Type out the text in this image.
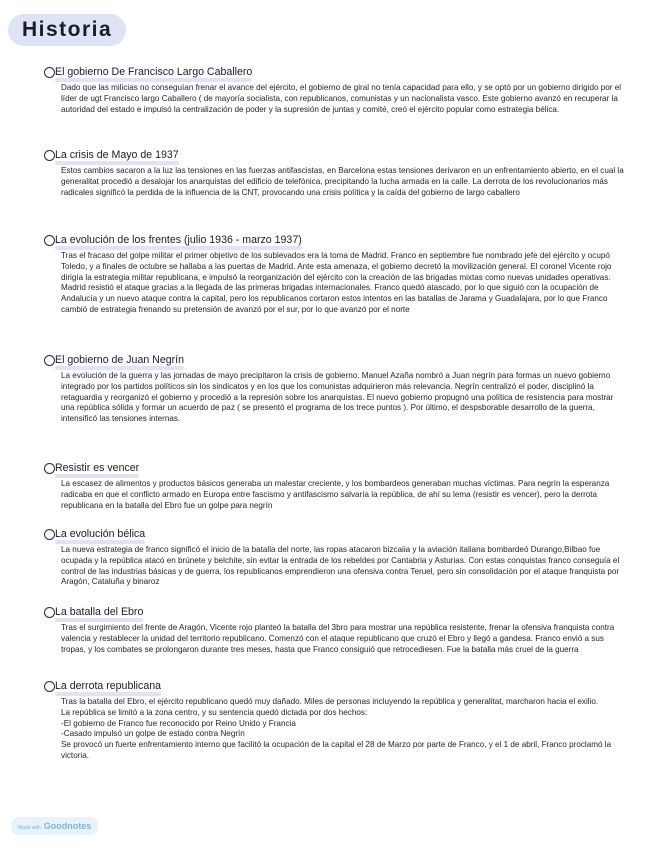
Historia
El gobierno De Francisco Largo Caballero

Dado que las milicias no conseguían frenar el avance del ejército, el gobierno de giral no tenía capacidad para ello, y se optó por un gobierno dirigido por el líder de ugt Francisco largo Caballero ( de mayoría socialista, con republicanos, comunistas y un nacionalista vasco. Este gobierno avanzó en recuperar la autoridad del estado e impulsó la centralización de poder y la supresión de juntas y comité, creó el ejército popular como estrategia bélica.

La crisis de Mayo de 1937

Estos cambios sacaron a la luz las tensiones en las fuerzas antifascistas, en Barcelona estas tensiones derivaron en un enfrentamiento abierto, en el cual la generalitat procedió a desalojar los anarquistas del edificio de telefónica, precipitando la lucha armada en la calle. La derrota de los revolucionarios más radicales significó la perdida de la influencia de la CNT, provocando una crisis política y la caída del gobierno de largo caballero

La evolución de los frentes (julio 1936 - marzo 1937)

Tras el fracaso del golpe militar el primer objetivo de los sublevados era la toma de Madrid. Franco en septiembre fue nombrado jefe del ejército y ocupó Toledo, y a finales de octubre se hallaba a las puertas de Madrid. Ante esta amenaza, el gobierno decretó la movilización general. El coronel Vicente rojo dirigía la estrategia militar republicana, e impulsó la reorganización del ejército con la creación de las brigadas mixtas como nuevas unidades operativas. Madrid resistió el ataque gracias a la llegada de las primeras brigadas internacionales. Franco quedó atascado, por lo que siguió con la ocupación de Andalucía y un nuevo ataque contra la capital, pero los republicanos cortaron estos intentos en las batallas de Jarama y Guadalajara, por lo que Franco cambió de estrategia frenando su pretensión de avanzó por el sur, por lo que avanzó por el norte

El gobierno de Juan Negrín

La evolución de la guerra y las jornadas de mayo precipitaron la crisis de gobierno. Manuel Azaña nombró a Juan negrín para formas un nuevo gobierno integrado por los partidos políticos sin los sindicatos y en los que los comunistas adquirieron más relevancia. Negrín centralizó el poder, disciplinó la retaguardia y reorganizó el gobierno y procedió a la represión sobre los anarquistas. El nuevo gobierno propugnó una política de resistencia para mostrar una república sólida y formar un acuerdo de paz ( se presentó el programa de los trece puntos ). Por último, el despsborable desarrollo de la guerra, intensificó las tensiones internas.

Resistir es vencer

La escasez de alimentos y productos básicos generaba un malestar creciente, y los bombardeos generaban muchas víctimas. Para negrín la esperanza radicaba en que el conflicto armado en Europa entre fascismo y antifascismo salvaría la república, de ahí su lema (resistir es vencer), pero la derrota republicana en la batalla del Ebro fue un golpe para negrín

La evolución bélica

La nueva estrategia de franco significó el inicio de la batalla del norte, las ropas atacaron bizcaiia y la aviación italiana bombardeó Durango,Bilbao fue ocupada y la república atacó en brúnete y belchite, sin evitar la entrada de los rebeldes por Cantabria y Asturias. Con estas conquistas franco conseguía el control de las industrias básicas y de guerra, los republicanos emprendieron una ofensiva contra Teruel, pero sin consolidación por el ataque franquista por Aragón, Cataluña y binaroz

La batalla del Ebro

Tras el surgimiento del frente de Aragón, Vicente rojo planteó la batalla del 3bro para mostrar una república resistente, frenar la ofensiva franquista contra valencia y restablecer la unidad del territorio republicano. Comenzó con el ataque republicano que cruzó el Ebro y llegó a gandesa. Franco envió a sus tropas, y los combates se prolongaron durante tres meses, hasta que Franco consiguió que retrocediesen. Fue la batalla más cruel de la guerra

La derrota republicana

Tras la batalla del Ebro, el ejército republicano quedó muy dañado. Miles de personas incluyendo la república y generalitat, marcharon hacia el exilio.

La república se limitó a la zona centro, y su sentencia quedó dictada por dos hechos:

-El gobierno de Franco fue reconocido por Reino Unido y Francia

-Casado impulsó un golpe de estado contra Negrín

Se provocó un fuerte enfrentamiento interno que facilitó la ocupación de la capital el 28 de Marzo por parte de Franco, y el 1 de abril, Franco proclamó la victoria.

Made with Goodnotes
